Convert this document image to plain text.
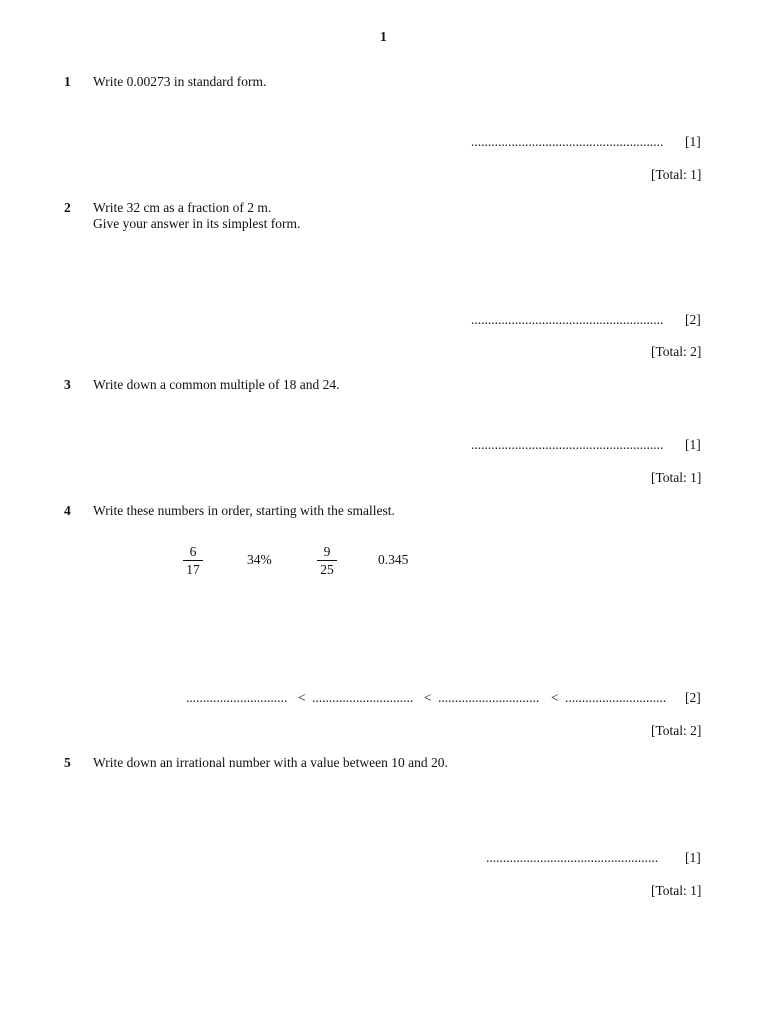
1
1 Write 0.00273 in standard form.
......................................................... [1]
[Total: 1]
2 Write 32 cm as a fraction of 2 m.
Give your answer in its simplest form.
......................................................... [2]
[Total: 2]
3 Write down a common multiple of 18 and 24.
......................................................... [1]
[Total: 1]
4 Write these numbers in order, starting with the smallest.
6
17
34%
9
25
0.345
.............................. < .............................. < .............................. < .............................. [2]
[Total: 2]
5 Write down an irrational number with a value between 10 and 20.
................................................... [1]
[Total: 1]
